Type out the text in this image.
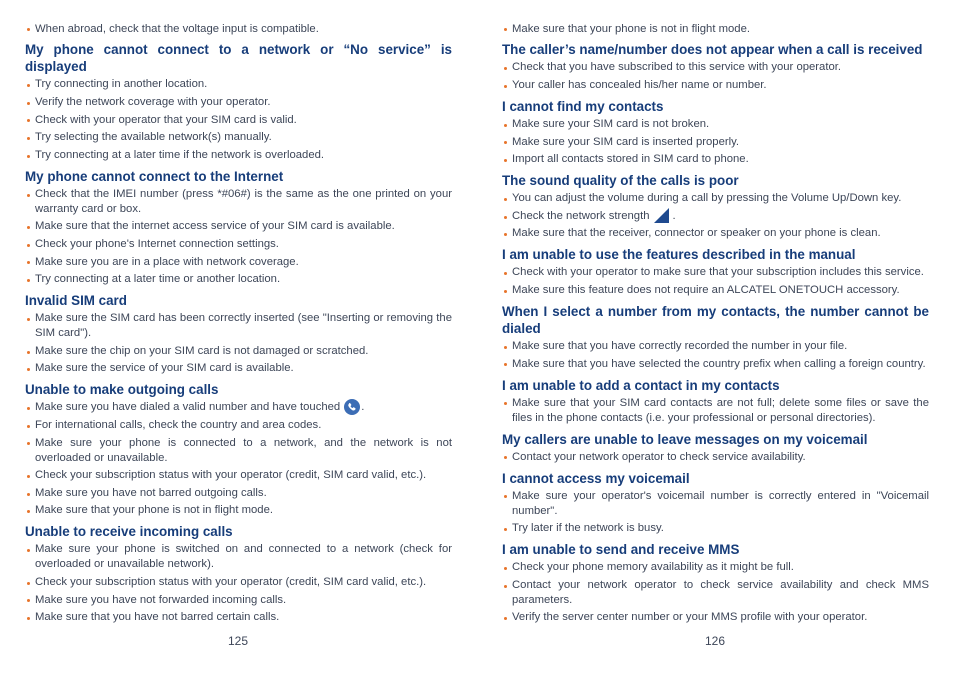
When abroad, check that the voltage input is compatible.
My phone cannot connect to a network or “No service” is displayed
Try connecting in another location.
Verify the network coverage with your operator.
Check with your operator that your SIM card is valid.
Try selecting the available network(s) manually.
Try connecting at a later time if the network is overloaded.
My phone cannot connect to the Internet
Check that the IMEI number (press *#06#) is the same as the one printed on your warranty card or box.
Make sure that the internet access service of your SIM card is available.
Check your phone's Internet connection settings.
Make sure you are in a place with network coverage.
Try connecting at a later time or another location.
Invalid SIM card
Make sure the SIM card has been correctly inserted (see "Inserting or removing the SIM card").
Make sure the chip on your SIM card is not damaged or scratched.
Make sure the service of your SIM card is available.
Unable to make outgoing calls
Make sure you have dialed a valid number and have touched .
For international calls, check the country and area codes.
Make sure your phone is connected to a network, and the network is not overloaded or unavailable.
Check your subscription status with your operator (credit, SIM card valid, etc.).
Make sure you have not barred outgoing calls.
Make sure that your phone is not in flight mode.
Unable to receive incoming calls
Make sure your phone is switched on and connected to a network (check for overloaded or unavailable network).
Check your subscription status with your operator (credit, SIM card valid, etc.).
Make sure you have not forwarded incoming calls.
Make sure that you have not barred certain calls.
125
Make sure that your phone is not in flight mode.
The caller’s name/number does not appear when a call is received
Check that you have subscribed to this service with your operator.
Your caller has concealed his/her name or number.
I cannot find my contacts
Make sure your SIM card is not broken.
Make sure your SIM card is inserted properly.
Import all contacts stored in SIM card to phone.
The sound quality of the calls is poor
You can adjust the volume during a call by pressing the Volume Up/Down key.
Check the network strength .
Make sure that the receiver, connector or speaker on your phone is clean.
I am unable to use the features described in the manual
Check with your operator to make sure that your subscription includes this service.
Make sure this feature does not require an ALCATEL ONETOUCH accessory.
When I select a number from my contacts, the number cannot be dialed
Make sure that you have correctly recorded the number in your file.
Make sure that you have selected the country prefix when calling a foreign country.
I am unable to add a contact in my contacts
Make sure that your SIM card contacts are not full; delete some files or save the files in the phone contacts (i.e. your professional or personal directories).
My callers are unable to leave messages on my voicemail
Contact your network operator to check service availability.
I cannot access my voicemail
Make sure your operator's voicemail number is correctly entered in "Voicemail number".
Try later if the network is busy.
I am unable to send and receive MMS
Check your phone memory availability as it might be full.
Contact your network operator to check service availability and check MMS parameters.
Verify the server center number or your MMS profile with your operator.
126
